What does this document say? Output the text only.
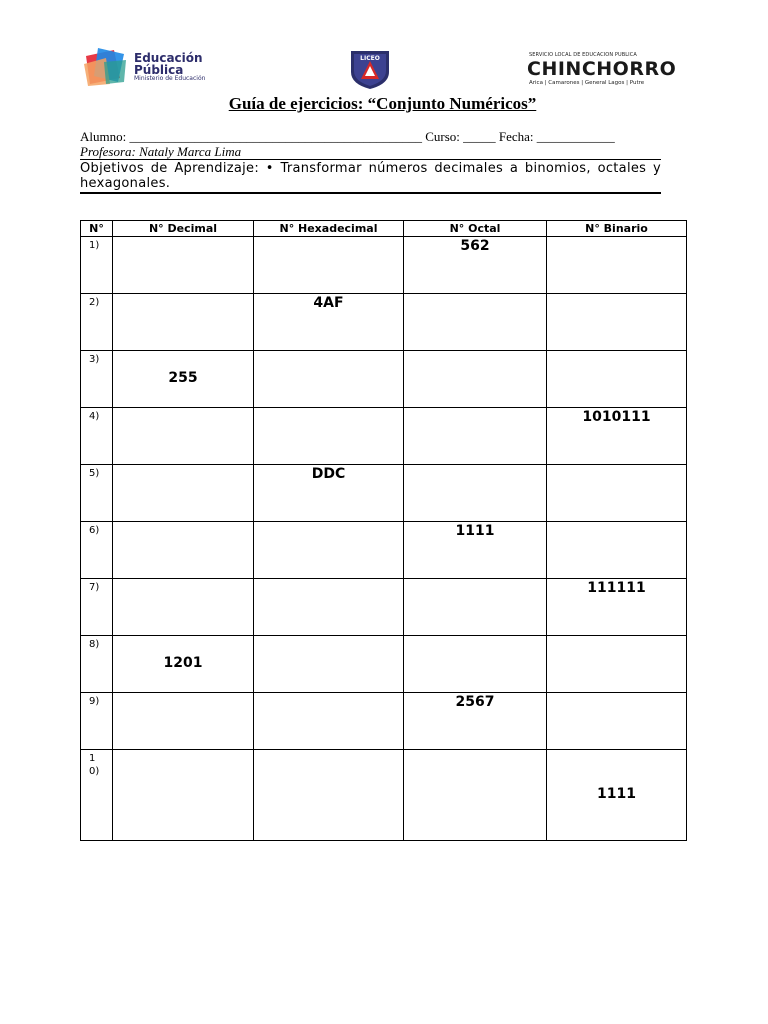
Educación
Pública
Ministerio de Educación
LICEO	SERVICIO LOCAL DE EDUCACION PUBLICA
CHINCHORRO
Arica | Camarones | General Lagos | Putre
Guía de ejercicios: “Conjunto Numéricos”
Alumno: _____________________________________________ Curso: _____ Fecha: ____________
Profesora: Nataly Marca Lima
Objetivos de Aprendizaje: • Transformar números decimales a binomios, octales y hexagonales.
N°	N° Decimal	N° Hexadecimal	N° Octal	N° Binario

1)			562	

2)		4AF		

3)	255			

4)				1010111

5)		DDC		

6)			1111	

7)				111111

8)	1201			

9)			2567	

10)				1111
